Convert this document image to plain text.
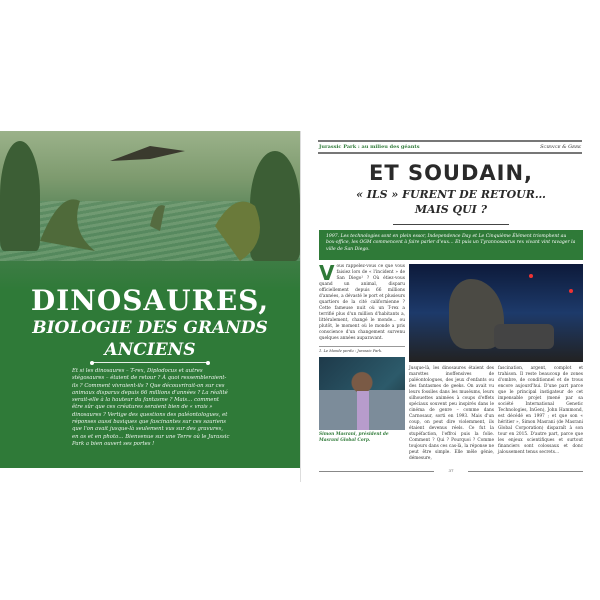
DINOSAURES,
BIOLOGIE DES GRANDS ANCIENS
Et si les dinosaures – T-rex, Diplodocus et autres stégosaures – étaient de retour ? À quoi ressembleraient-ils ? Comment vivraient-ils ? Que découvrirait-on sur ces animaux disparus depuis 66 millions d'années ? La réalité serait-elle à la hauteur du fantasme ? Mais… comment être sûr que ces créatures seraient bien de « vrais » dinosaures ? Vertige des questions des paléontologues, et réponses aussi basiques que fascinantes sur ces sauriens que l'on avait jusque-là seulement vus sur des gravures, en os et en photo… Bienvenue sur une Terre où le Jurassic Park a bien ouvert ses portes !
Jurassic Park : au milieu des géants	Science & Geek
ET SOUDAIN,
« ILS » FURENT DE RETOUR…
MAIS QUI ?
1997. Les technologies sont en plein essor, Independence Day et Le Cinquième Élément triomphent au box-office, les OGM commencent à faire parler d'eux… Et puis un Tyrannosaurus rex vivant vint ravager la ville de San Diego.
Vous rappelez-vous ce que vous faisiez lors de « l'incident » de San Diego¹ ? Où étiez-vous quand un animal, disparu officiellement depuis 66 millions d'années, a dévasté le port et plusieurs quartiers de la cité californienne ? Cette fameuse nuit où un T-rex a terrifié plus d'un million d'habitants a, littéralement, changé le monde… ou plutôt, le moment où le monde a pris conscience d'un changement survenu quelques années auparavant.
1. Le Monde perdu : Jurassic Park.
Simon Masrani, président de Masrani Global Corp.
Jusque-là, les dinosaures étaient des marottes inoffensives de paléontologues, des jeux d'enfants ou des fantasmes de geeks. On avait vu leurs fossiles dans les muséums, leurs silhouettes animées à coups d'effets spéciaux souvent peu inspirés dans le cinéma de genre – comme dans Carnosaur, sorti en 1993. Mais d'un coup, on peut dire violemment, ils étaient devenus réels. Ce fut la stupéfaction, l'effroi puis la folie. Comment ? Qui ? Pourquoi ? Comme toujours dans ces cas-là, la réponse ne peut être simple. Elle mêle génie, démesure,
fascination, argent, complot et trahison. Il reste beaucoup de zones d'ombre, de conditionnel et de trous encore aujourd'hui. D'une part parce que le principal instigateur de cet impensable projet (mené par sa société International Genetic Technologies, InGen), John Hammond, est décédé en 1997 ; et que son « héritier », Simon Masrani (de Masrani Global Corporation) disparaît à son tour en 2015. D'autre part, parce que les enjeux scientifiques et surtout financiers sont colossaux et donc jalousement tenus secrets…
37
